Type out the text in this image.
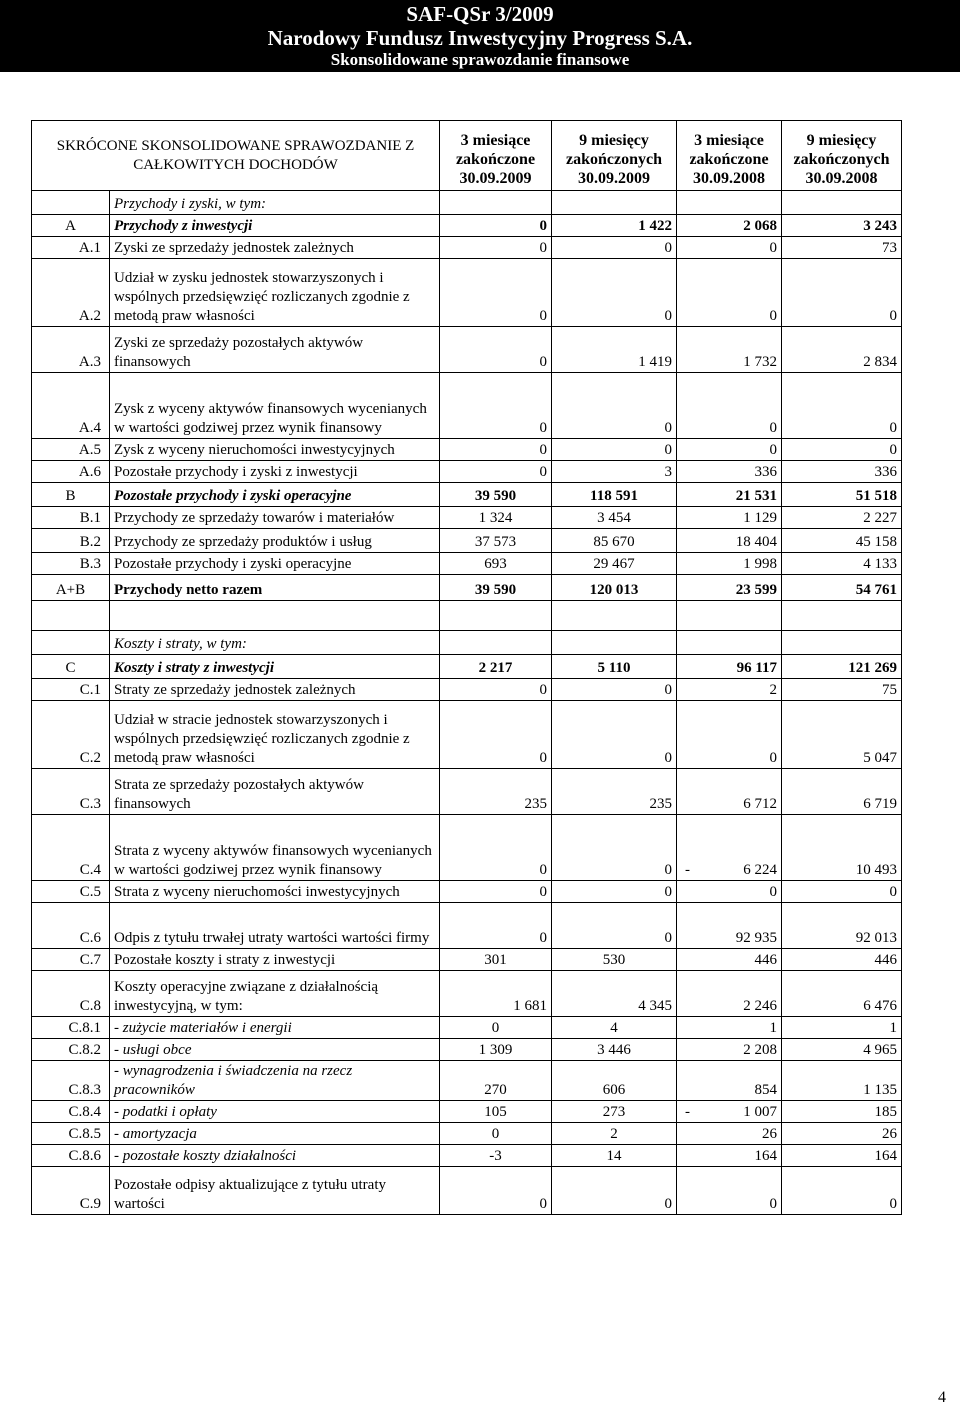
SAF-QSr 3/2009
Narodowy Fundusz Inwestycyjny Progress S.A.
Skonsolidowane sprawozdanie finansowe
SKRÓCONE SKONSOLIDOWANE SPRAWOZDANIE Z CAŁKOWITYCH DOCHODÓW		3 miesiące zakończone 30.09.2009	9 miesięcy zakończonych 30.09.2009	3 miesiące zakończone 30.09.2008	9 miesięcy zakończonych 30.09.2008
	Przychody i zyski, w tym:				
A	Przychody z inwestycji	0	1 422	2 068	3 243
A.1	Zyski ze sprzedaży jednostek zależnych	0	0	0	73
A.2	Udział w zysku jednostek stowarzyszonych i wspólnych przedsięwzięć rozliczanych zgodnie z metodą praw własności	0	0	0	0
A.3	Zyski ze sprzedaży pozostałych aktywów finansowych	0	1 419	1 732	2 834
A.4	Zysk z wyceny aktywów finansowych wycenianych w wartości godziwej przez wynik finansowy	0	0	0	0
A.5	Zysk z wyceny nieruchomości inwestycyjnych	0	0	0	0
A.6	Pozostałe przychody i zyski z inwestycji	0	3	336	336
B	Pozostałe przychody i zyski operacyjne	39 590	118 591	21 531	51 518
B.1	Przychody ze sprzedaży towarów i materiałów	1 324	3 454	1 129	2 227
B.2	Przychody ze sprzedaży produktów i usług	37 573	85 670	18 404	45 158
B.3	Pozostałe przychody i zyski operacyjne	693	29 467	1 998	4 133
A+B	Przychody netto razem	39 590	120 013	23 599	54 761

	Koszty i straty, w tym:				
C	Koszty i straty z inwestycji	2 217	5 110	96 117	121 269
C.1	Straty ze sprzedaży jednostek zależnych	0	0	2	75
C.2	Udział w stracie jednostek stowarzyszonych i wspólnych przedsięwzięć rozliczanych zgodnie z metodą praw własności	0	0	0	5 047
C.3	Strata ze sprzedaży pozostałych aktywów finansowych	235	235	6 712	6 719
C.4	Strata z wyceny aktywów finansowych wycenianych w wartości godziwej przez wynik finansowy	0	0	- 6 224	10 493
C.5	Strata z wyceny nieruchomości inwestycyjnych	0	0	0	0
C.6	Odpis z tytułu trwałej utraty wartości wartości firmy	0	0	92 935	92 013
C.7	Pozostałe koszty i straty z inwestycji	301	530	446	446
C.8	Koszty operacyjne związane z działalnością inwestycyjną, w tym:	1 681	4 345	2 246	6 476
C.8.1	- zużycie materiałów i energii	0	4	1	1
C.8.2	- usługi obce	1 309	3 446	2 208	4 965
C.8.3	- wynagrodzenia i świadczenia na rzecz pracowników	270	606	854	1 135
C.8.4	- podatki i opłaty	105	273	- 1 007	185
C.8.5	- amortyzacja	0	2	26	26
C.8.6	- pozostałe koszty działalności	-3	14	164	164
C.9	Pozostałe odpisy aktualizujące z tytułu utraty wartości	0	0	0	0
4
